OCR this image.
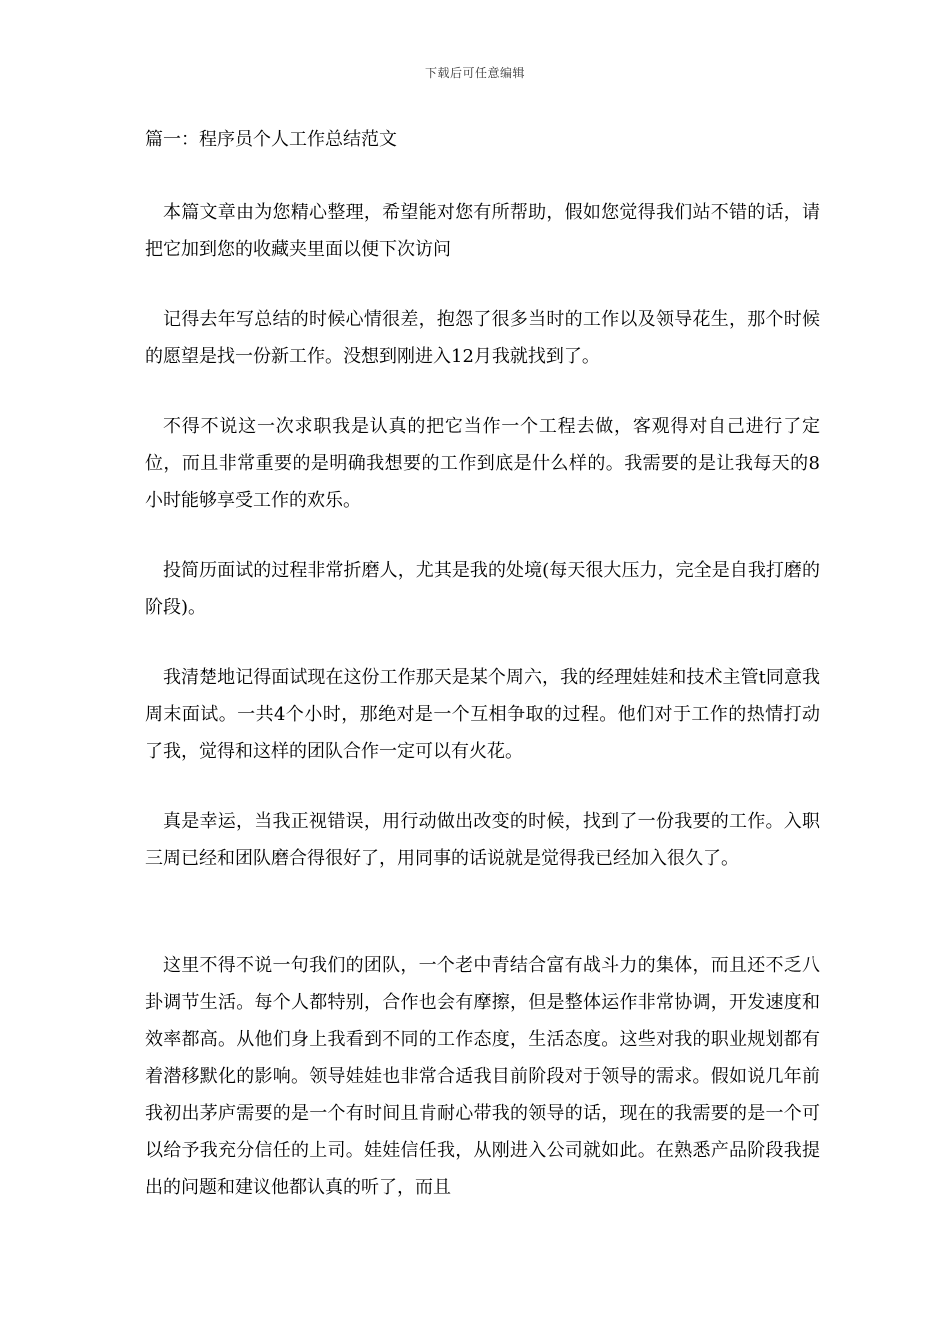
下载后可任意编辑
篇一：程序员个人工作总结范文

本篇文章由为您精心整理，希望能对您有所帮助，假如您觉得我们站不错的话，请把它加到您的收藏夹里面以便下次访问

记得去年写总结的时候心情很差，抱怨了很多当时的工作以及领导花生，那个时候的愿望是找一份新工作。没想到刚进入12月我就找到了。

不得不说这一次求职我是认真的把它当作一个工程去做，客观得对自己进行了定位，而且非常重要的是明确我想要的工作到底是什么样的。我需要的是让我每天的8小时能够享受工作的欢乐。

投简历面试的过程非常折磨人，尤其是我的处境(每天很大压力，完全是自我打磨的阶段)。

我清楚地记得面试现在这份工作那天是某个周六，我的经理娃娃和技术主管t同意我周末面试。一共4个小时，那绝对是一个互相争取的过程。他们对于工作的热情打动了我，觉得和这样的团队合作一定可以有火花。

真是幸运，当我正视错误，用行动做出改变的时候，找到了一份我要的工作。入职三周已经和团队磨合得很好了，用同事的话说就是觉得我已经加入很久了。

这里不得不说一句我们的团队，一个老中青结合富有战斗力的集体，而且还不乏八卦调节生活。每个人都特别，合作也会有摩擦，但是整体运作非常协调，开发速度和效率都高。从他们身上我看到不同的工作态度，生活态度。这些对我的职业规划都有着潜移默化的影响。领导娃娃也非常合适我目前阶段对于领导的需求。假如说几年前我初出茅庐需要的是一个有时间且肯耐心带我的领导的话，现在的我需要的是一个可以给予我充分信任的上司。娃娃信任我，从刚进入公司就如此。在熟悉产品阶段我提出的问题和建议他都认真的听了，而且
